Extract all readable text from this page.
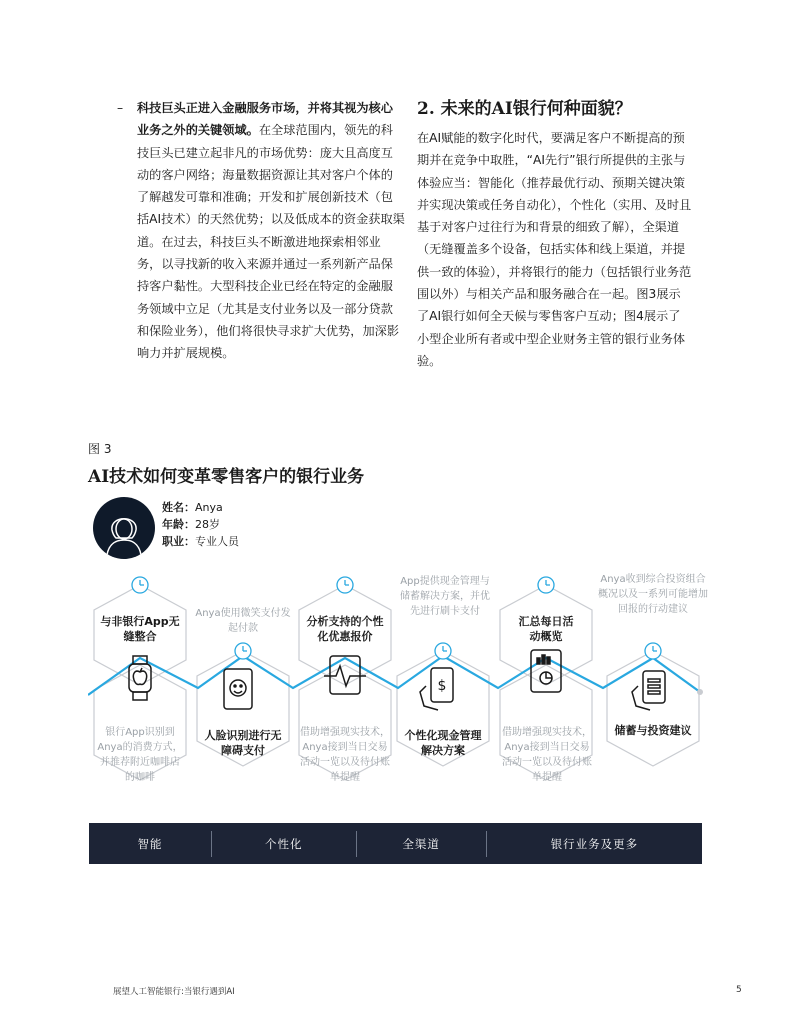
– 科技巨头正进入金融服务市场，并将其视为核心业务之外的关键领域。在全球范围内，领先的科技巨头已建立起非凡的市场优势：庞大且高度互动的客户网络；海量数据资源让其对客户个体的了解越发可靠和准确；开发和扩展创新技术（包括AI技术）的天然优势；以及低成本的资金获取渠道。在过去，科技巨头不断激进地探索相邻业务，以寻找新的收入来源并通过一系列新产品保持客户黏性。大型科技企业已经在特定的金融服务领域中立足（尤其是支付业务以及一部分贷款和保险业务），他们将很快寻求扩大优势，加深影响力并扩展规模。
2. 未来的AI银行何种面貌？
在AI赋能的数字化时代，要满足客户不断提高的预期并在竞争中取胜，“AI先行”银行所提供的主张与体验应当：智能化（推荐最优行动、预期关键决策并实现决策或任务自动化），个性化（实用、及时且基于对客户过往行为和背景的细致了解），全渠道（无缝覆盖多个设备，包括实体和线上渠道，并提供一致的体验），并将银行的能力（包括银行业务范围以外）与相关产品和服务融合在一起。图3展示了AI银行如何全天候与零售客户互动；图4展示了小型企业所有者或中型企业财务主管的银行业务体验。
图 3
AI技术如何变革零售客户的银行业务
姓名：Anya
年龄：28岁
职业：专业人员
$
与非银行App无缝整合
银行App识别到Anya的消费方式，并推荐附近咖啡店的咖啡
Anya使用微笑支付发起付款
人脸识别进行无障碍支付
分析支持的个性化优惠报价
借助增强现实技术，Anya接到当日交易活动一览以及待付账单提醒
App提供现金管理与储蓄解决方案，并优先进行刷卡支付
个性化现金管理解决方案
汇总每日活动概览
借助增强现实技术，Anya接到当日交易活动一览以及待付账单提醒
Anya收到综合投资组合概况以及一系列可能增加回报的行动建议
储蓄与投资建议
智能	个性化	全渠道	银行业务及更多
展望人工智能银行:当银行遇到AI	5
